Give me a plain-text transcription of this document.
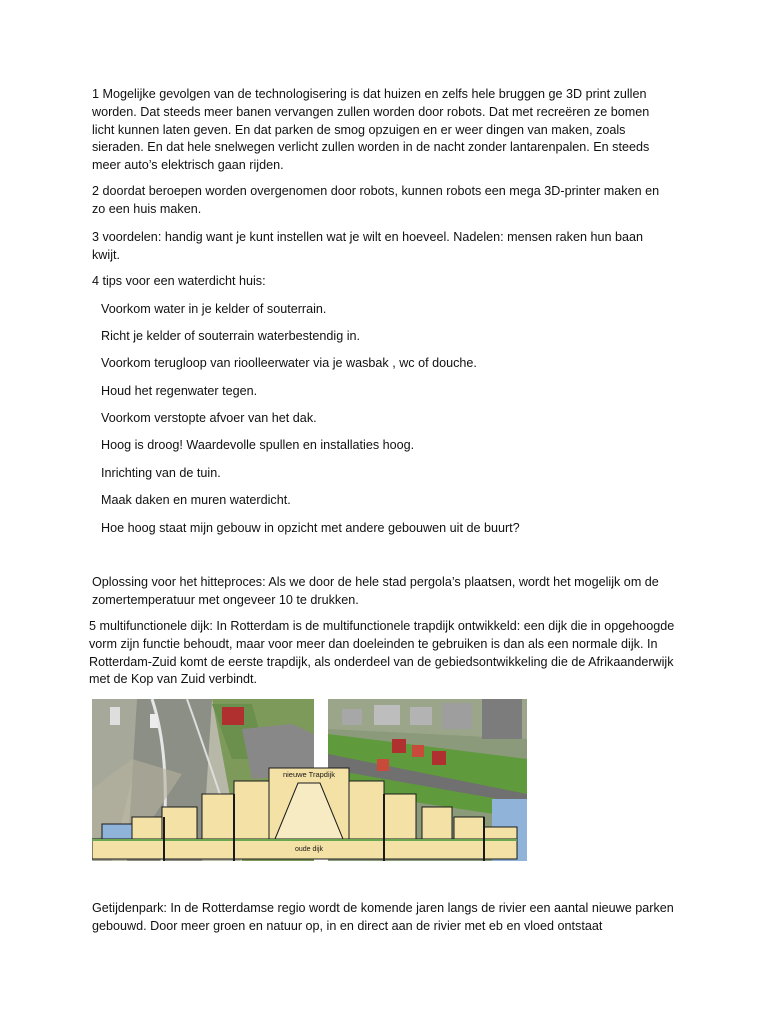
1 Mogelijke gevolgen van de technologisering is dat huizen en zelfs hele bruggen ge 3D print zullen worden. Dat steeds meer banen vervangen zullen worden door robots. Dat met recreëren ze bomen licht kunnen laten geven. En dat parken de smog opzuigen en er weer dingen van maken, zoals sieraden. En dat hele snelwegen verlicht zullen worden in de nacht zonder lantarenpalen. En steeds meer auto’s elektrisch gaan rijden.

2 doordat beroepen worden overgenomen door robots, kunnen robots een mega 3D-printer maken en zo een huis maken.

3 voordelen: handig want je kunt instellen wat je wilt en hoeveel. Nadelen: mensen raken hun baan kwijt.

4 tips voor een waterdicht huis:

Voorkom water in je kelder of souterrain.

Richt je kelder of souterrain waterbestendig in.

Voorkom terugloop van rioolleerwater via je wasbak , wc of douche.

Houd het regenwater tegen.

Voorkom verstopte afvoer van het dak.

Hoog is droog! Waardevolle spullen en installaties hoog.

Inrichting van de tuin.

Maak daken en muren waterdicht.

Hoe hoog staat mijn gebouw in opzicht met andere gebouwen uit de buurt?

Oplossing voor het hitteproces: Als we door de hele stad pergola’s plaatsen, wordt het mogelijk om de zomertemperatuur met ongeveer 10 te drukken.

5 multifunctionele dijk: In Rotterdam is de multifunctionele trapdijk ontwikkeld: een dijk die in opgehoogde vorm zijn functie behoudt, maar voor meer dan doeleinden te gebruiken is dan als een normale dijk. In Rotterdam-Zuid komt de eerste trapdijk, als onderdeel van de gebiedsontwikkeling die de Afrikaanderwijk met de Kop van Zuid verbindt.

nieuwe Trapdijk
oude dijk

Getijdenpark: In de Rotterdamse regio wordt de komende jaren langs de rivier een aantal nieuwe parken gebouwd. Door meer groen en natuur op, in en direct aan de rivier met eb en vloed ontstaat
